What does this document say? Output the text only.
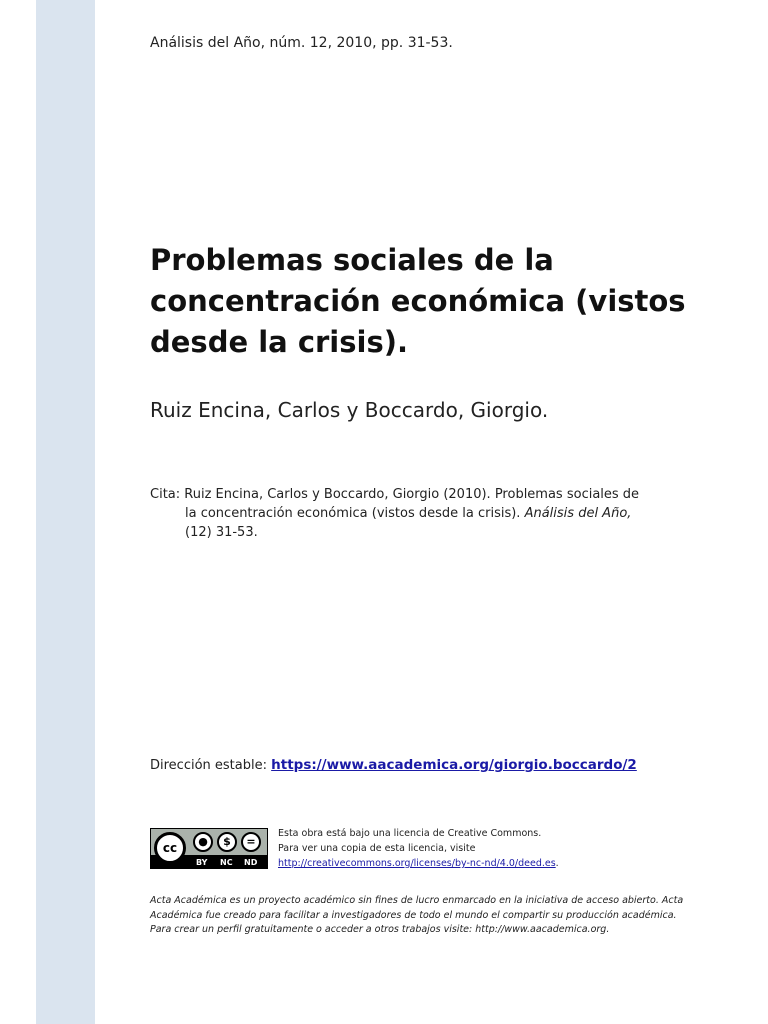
Análisis del Año, núm. 12, 2010, pp. 31-53.
Problemas sociales de la concentración económica (vistos desde la crisis).
Ruiz Encina, Carlos y Boccardo, Giorgio.
Cita: Ruiz Encina, Carlos y Boccardo, Giorgio (2010). Problemas sociales de
la concentración económica (vistos desde la crisis). Análisis del Año,
(12) 31-53.
Dirección estable: https://www.aacademica.org/giorgio.boccardo/2
cc	●	$	=
BY NC ND
Esta obra está bajo una licencia de Creative Commons.
Para ver una copia de esta licencia, visite
http://creativecommons.org/licenses/by-nc-nd/4.0/deed.es.
Acta Académica es un proyecto académico sin fines de lucro enmarcado en la iniciativa de acceso abierto. Acta Académica fue creado para facilitar a investigadores de todo el mundo el compartir su producción académica. Para crear un perfil gratuitamente o acceder a otros trabajos visite: http://www.aacademica.org.
